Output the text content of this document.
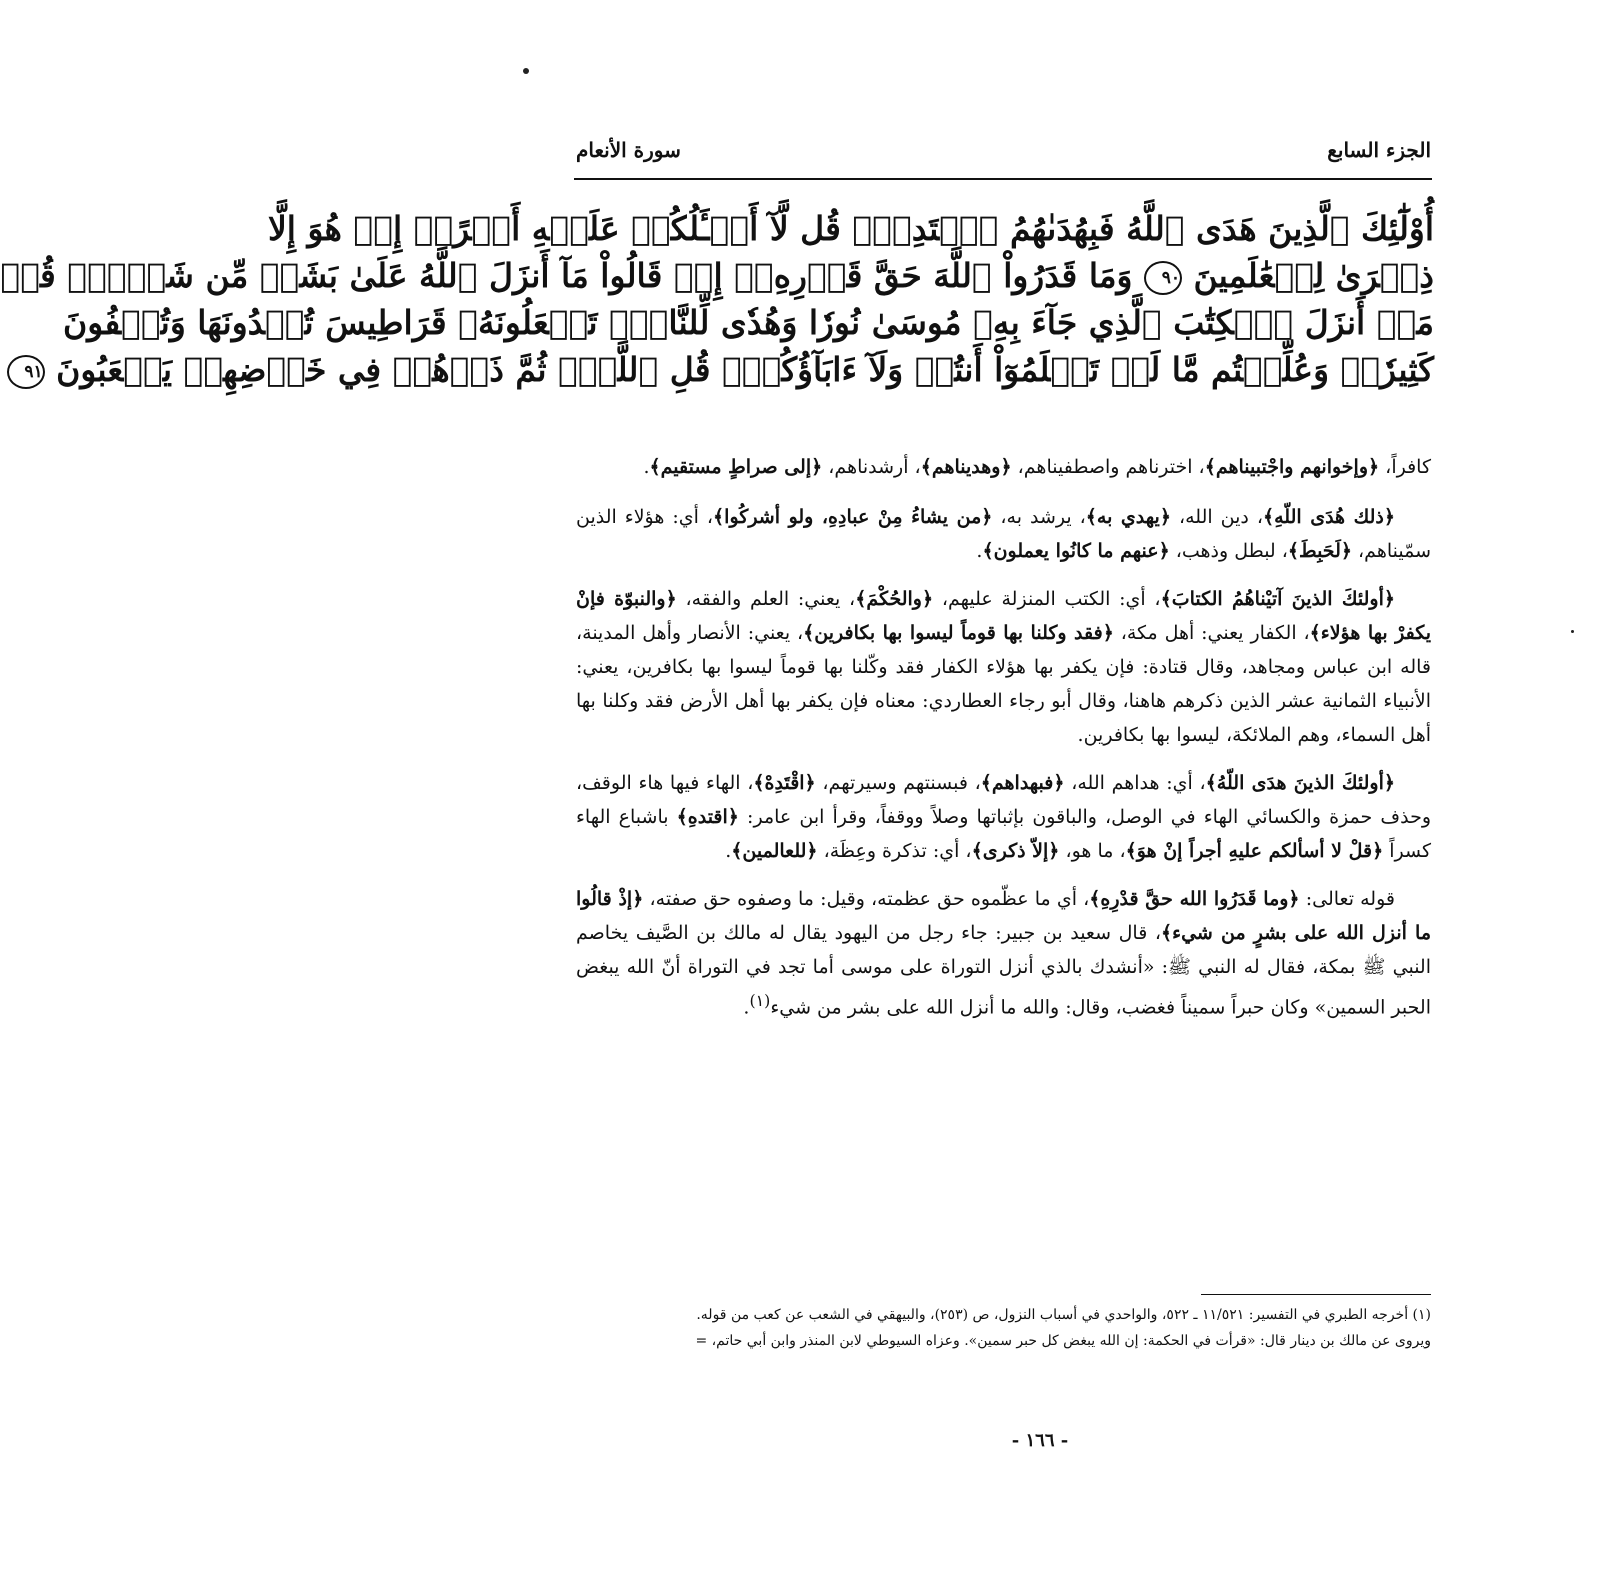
الجزء السابع
سورة الأنعام

أُوْلَٰٓئِكَ ٱلَّذِينَ هَدَى ٱللَّهُ فَبِهُدَىٰهُمُ ٱقۡتَدِهۡۗ قُل لَّآ أَسۡـَٔلُكُمۡ عَلَيۡهِ أَجۡرًاۖ إِنۡ هُوَ إِلَّا

ذِكۡرَىٰ لِلۡعَٰلَمِينَ ٩٠ وَمَا قَدَرُواْ ٱللَّهَ حَقَّ قَدۡرِهِۦٓ إِذۡ قَالُواْ مَآ أَنزَلَ ٱللَّهُ عَلَىٰ بَشَرٖ مِّن شَيۡءٖۗ قُلۡ

مَنۡ أَنزَلَ ٱلۡكِتَٰبَ ٱلَّذِي جَآءَ بِهِۦ مُوسَىٰ نُورٗا وَهُدٗى لِّلنَّاسِۖ تَجۡعَلُونَهُۥ قَرَاطِيسَ تُبۡدُونَهَا وَتُخۡفُونَ

كَثِيرٗاۖ وَعُلِّمۡتُم مَّا لَمۡ تَعۡلَمُوٓاْ أَنتُمۡ وَلَآ ءَابَآؤُكُمۡۖ قُلِ ٱللَّهُۖ ثُمَّ ذَرۡهُمۡ فِي خَوۡضِهِمۡ يَلۡعَبُونَ ٩١

كافراً، ﴿وإخوانهم واجْتبيناهم﴾، اخترناهم واصطفيناهم، ﴿وهديناهم﴾، أرشدناهم، ﴿إلى صراطٍ مستقيم﴾.

﴿ذلك هُدَى اللّهِ﴾، دين الله، ﴿يهدي به﴾، يرشد به، ﴿من يشاءُ مِنْ عبادِهِ، ولو أشركُوا﴾، أي: هؤلاء الذين سمّيناهم، ﴿لَحَبِطَ﴾، لبطل وذهب، ﴿عنهم ما كانُوا يعملون﴾.

﴿أولئكَ الذينَ آتيْناهُمُ الكتابَ﴾، أي: الكتب المنزلة عليهم، ﴿والحُكْمَ﴾، يعني: العلم والفقه، ﴿والنبوّة فإنْ يكفرْ بها هؤلاء﴾، الكفار يعني: أهل مكة، ﴿فقد وكلنا بها قوماً ليسوا بها بكافرين﴾، يعني: الأنصار وأهل المدينة، قاله ابن عباس ومجاهد، وقال قتادة: فإن يكفر بها هؤلاء الكفار فقد وكّلنا بها قوماً ليسوا بها بكافرين، يعني: الأنبياء الثمانية عشر الذين ذكرهم هاهنا، وقال أبو رجاء العطاردي: معناه فإن يكفر بها أهل الأرض فقد وكلنا بها أهل السماء، وهم الملائكة، ليسوا بها بكافرين.

﴿أولئكَ الذينَ هدَى اللّهُ﴾، أي: هداهم الله، ﴿فبهداهم﴾، فبسنتهم وسيرتهم، ﴿اقْتَدِهْ﴾، الهاء فيها هاء الوقف، وحذف حمزة والكسائي الهاء في الوصل، والباقون بإثباتها وصلاً ووقفاً، وقرأ ابن عامر: ﴿اقتدهِ﴾ باشباع الهاء كسراً ﴿قلْ لا أسألكم عليهِ أجراً إنْ هوَ﴾، ما هو، ﴿إلاّ ذكرى﴾، أي: تذكرة وعِظَة، ﴿للعالمين﴾.

قوله تعالى: ﴿وما قَدَرُوا الله حقَّ قدْرِهِ﴾، أي ما عظّموه حق عظمته، وقيل: ما وصفوه حق صفته، ﴿إذْ قالُوا ما أنزل الله على بشرٍ من شيء﴾، قال سعيد بن جبير: جاء رجل من اليهود يقال له مالك بن الصَّيف يخاصم النبي ﷺ بمكة، فقال له النبي ﷺ: «أنشدك بالذي أنزل التوراة على موسى أما تجد في التوراة أنّ الله يبغض الحبر السمين» وكان حبراً سميناً فغضب، وقال: والله ما أنزل الله على بشر من شيء$^{(١)}$.

(١) أخرجه الطبري في التفسير: ١١/٥٢١ ـ ٥٢٢، والواحدي في أسباب النزول، ص (٢٥٣)، والبيهقي في الشعب عن كعب من قوله.

ويروى عن مالك بن دينار قال: «قرأت في الحكمة: إن الله يبغض كل حبر سمين». وعزاه السيوطي لابن المنذر وابن أبي حاتم، =

- ١٦٦ -
